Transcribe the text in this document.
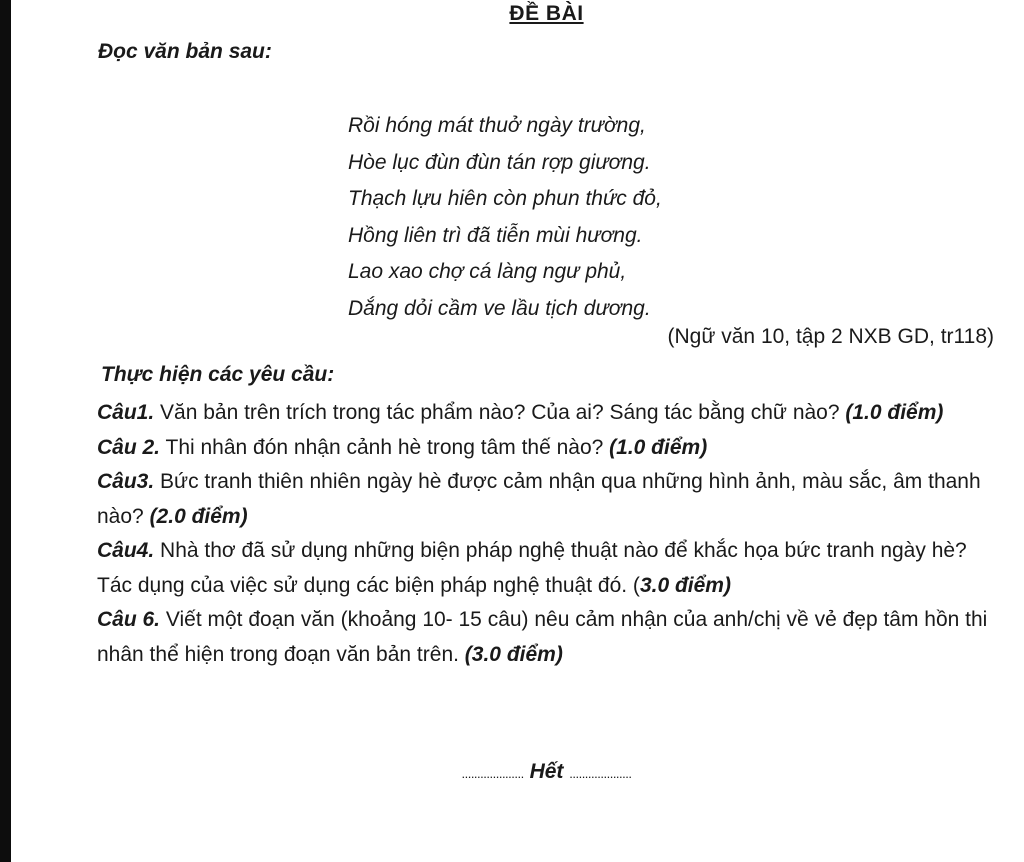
ĐỀ BÀI
Đọc văn bản sau:
Rồi hóng mát thuở ngày trường,
Hòe lục đùn đùn tán rợp giương.
Thạch lựu hiên còn phun thức đỏ,
Hồng liên trì đã tiễn mùi hương.
Lao xao chợ cá làng ngư phủ,
Dắng dỏi cầm ve lầu tịch dương.
(Ngữ văn 10, tập 2 NXB GD, tr118)
Thực hiện các yêu cầu:

Câu1. Văn bản trên trích trong tác phẩm nào? Của ai? Sáng tác bằng chữ nào? (1.0 điểm)

Câu 2. Thi nhân đón nhận cảnh hè trong tâm thế nào? (1.0 điểm)

Câu3. Bức tranh thiên nhiên ngày hè được cảm nhận qua những hình ảnh, màu sắc, âm thanh nào? (2.0 điểm)

Câu4. Nhà thơ đã sử dụng những biện pháp nghệ thuật nào để khắc họa bức tranh ngày hè? Tác dụng của việc sử dụng các biện pháp nghệ thuật đó. (3.0 điểm)

Câu 6. Viết một đoạn văn (khoảng 10- 15 câu) nêu cảm nhận của anh/chị về vẻ đẹp tâm hồn thi nhân thể hiện trong đoạn văn bản trên. (3.0 điểm)

.................... Hết ....................
